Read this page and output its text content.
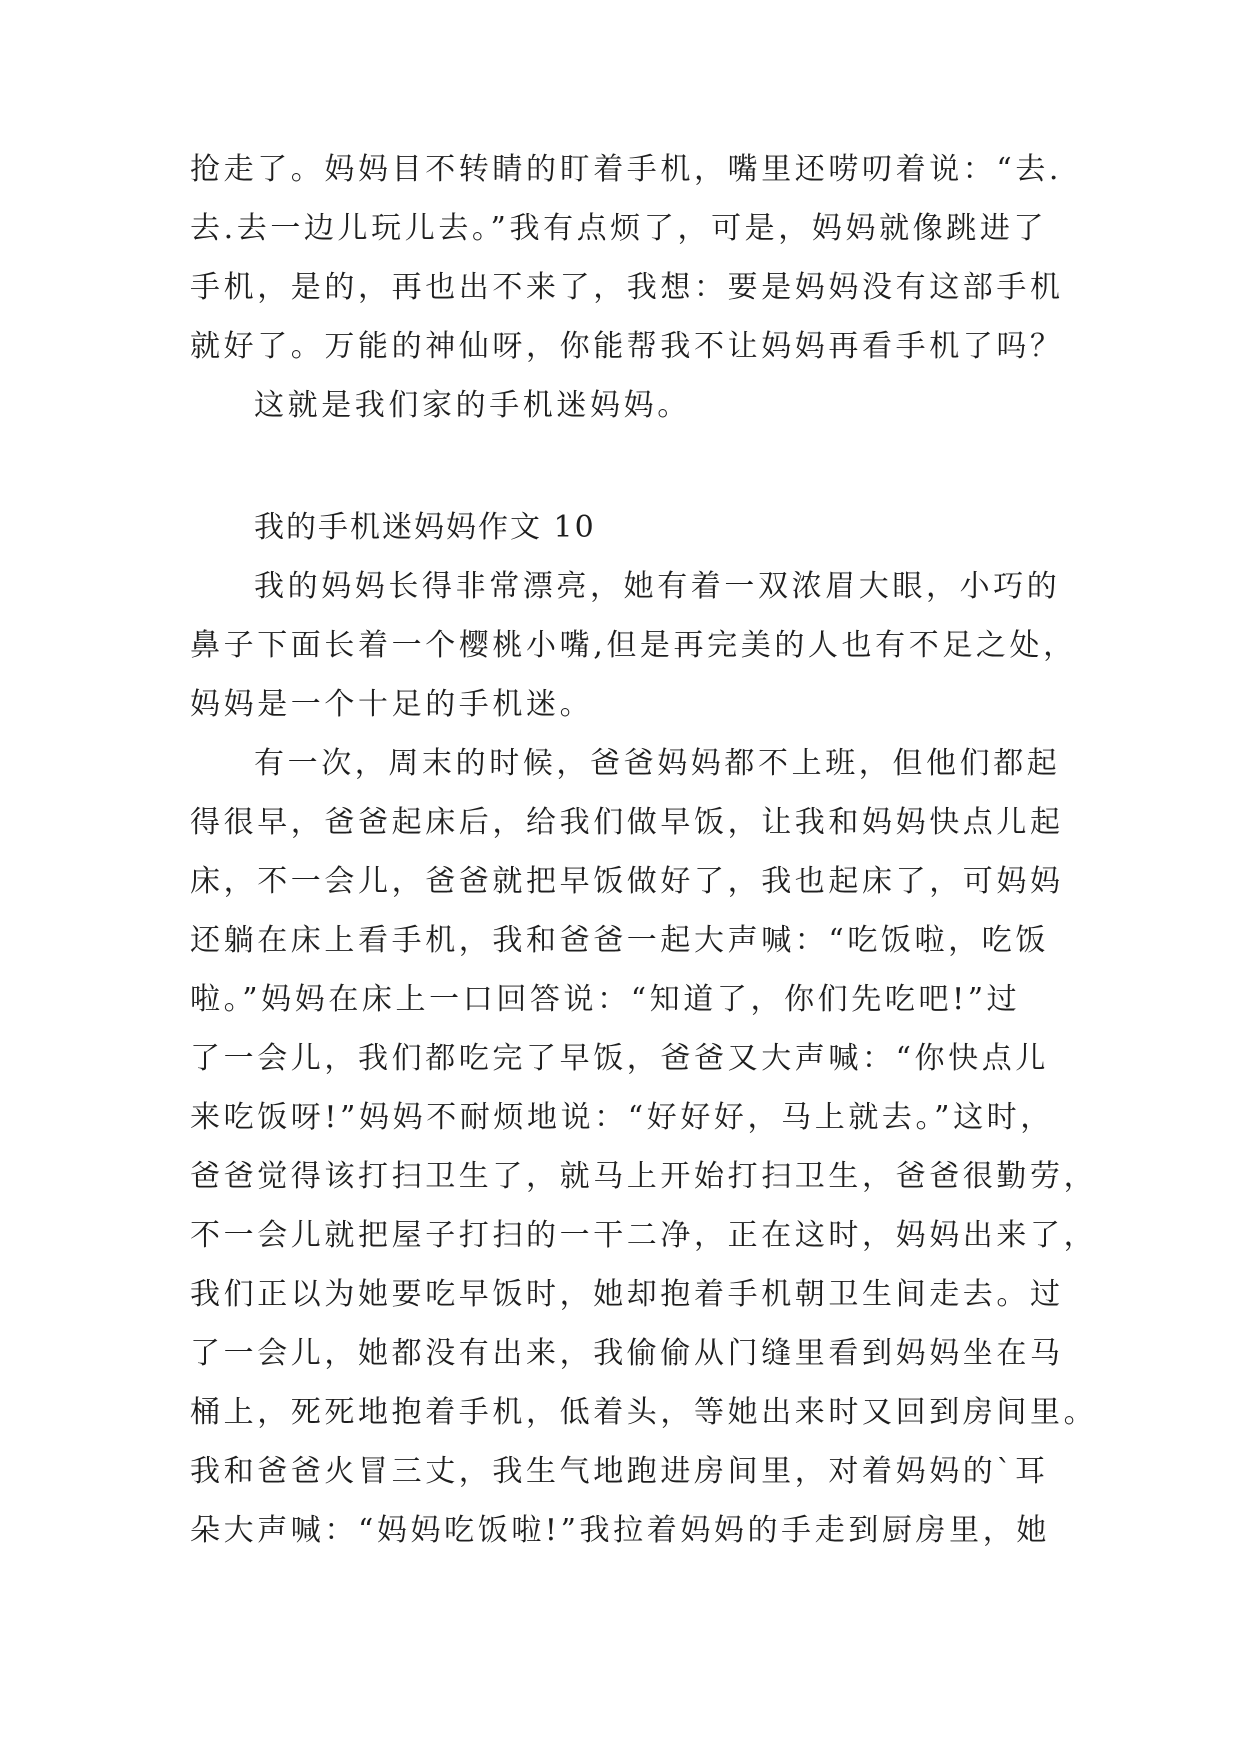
抢走了。妈妈目不转睛的盯着手机，嘴里还唠叨着说：“去.
去.去一边儿玩儿去。”我有点烦了，可是，妈妈就像跳进了
手机，是的，再也出不来了，我想：要是妈妈没有这部手机
就好了。万能的神仙呀，你能帮我不让妈妈再看手机了吗？
这就是我们家的手机迷妈妈。
我的手机迷妈妈作文 10
我的妈妈长得非常漂亮，她有着一双浓眉大眼，小巧的
鼻子下面长着一个樱桃小嘴,但是再完美的人也有不足之处，
妈妈是一个十足的手机迷。
有一次，周末的时候，爸爸妈妈都不上班，但他们都起
得很早，爸爸起床后，给我们做早饭，让我和妈妈快点儿起
床，不一会儿，爸爸就把早饭做好了，我也起床了，可妈妈
还躺在床上看手机，我和爸爸一起大声喊：“吃饭啦，吃饭
啦。”妈妈在床上一口回答说：“知道了，你们先吃吧!”过
了一会儿，我们都吃完了早饭，爸爸又大声喊：“你快点儿
来吃饭呀!”妈妈不耐烦地说：“好好好，马上就去。”这时，
爸爸觉得该打扫卫生了，就马上开始打扫卫生，爸爸很勤劳，
不一会儿就把屋子打扫的一干二净，正在这时，妈妈出来了，
我们正以为她要吃早饭时，她却抱着手机朝卫生间走去。过
了一会儿，她都没有出来，我偷偷从门缝里看到妈妈坐在马
桶上，死死地抱着手机，低着头，等她出来时又回到房间里。
我和爸爸火冒三丈，我生气地跑进房间里，对着妈妈的`耳
朵大声喊：“妈妈吃饭啦!”我拉着妈妈的手走到厨房里，她
